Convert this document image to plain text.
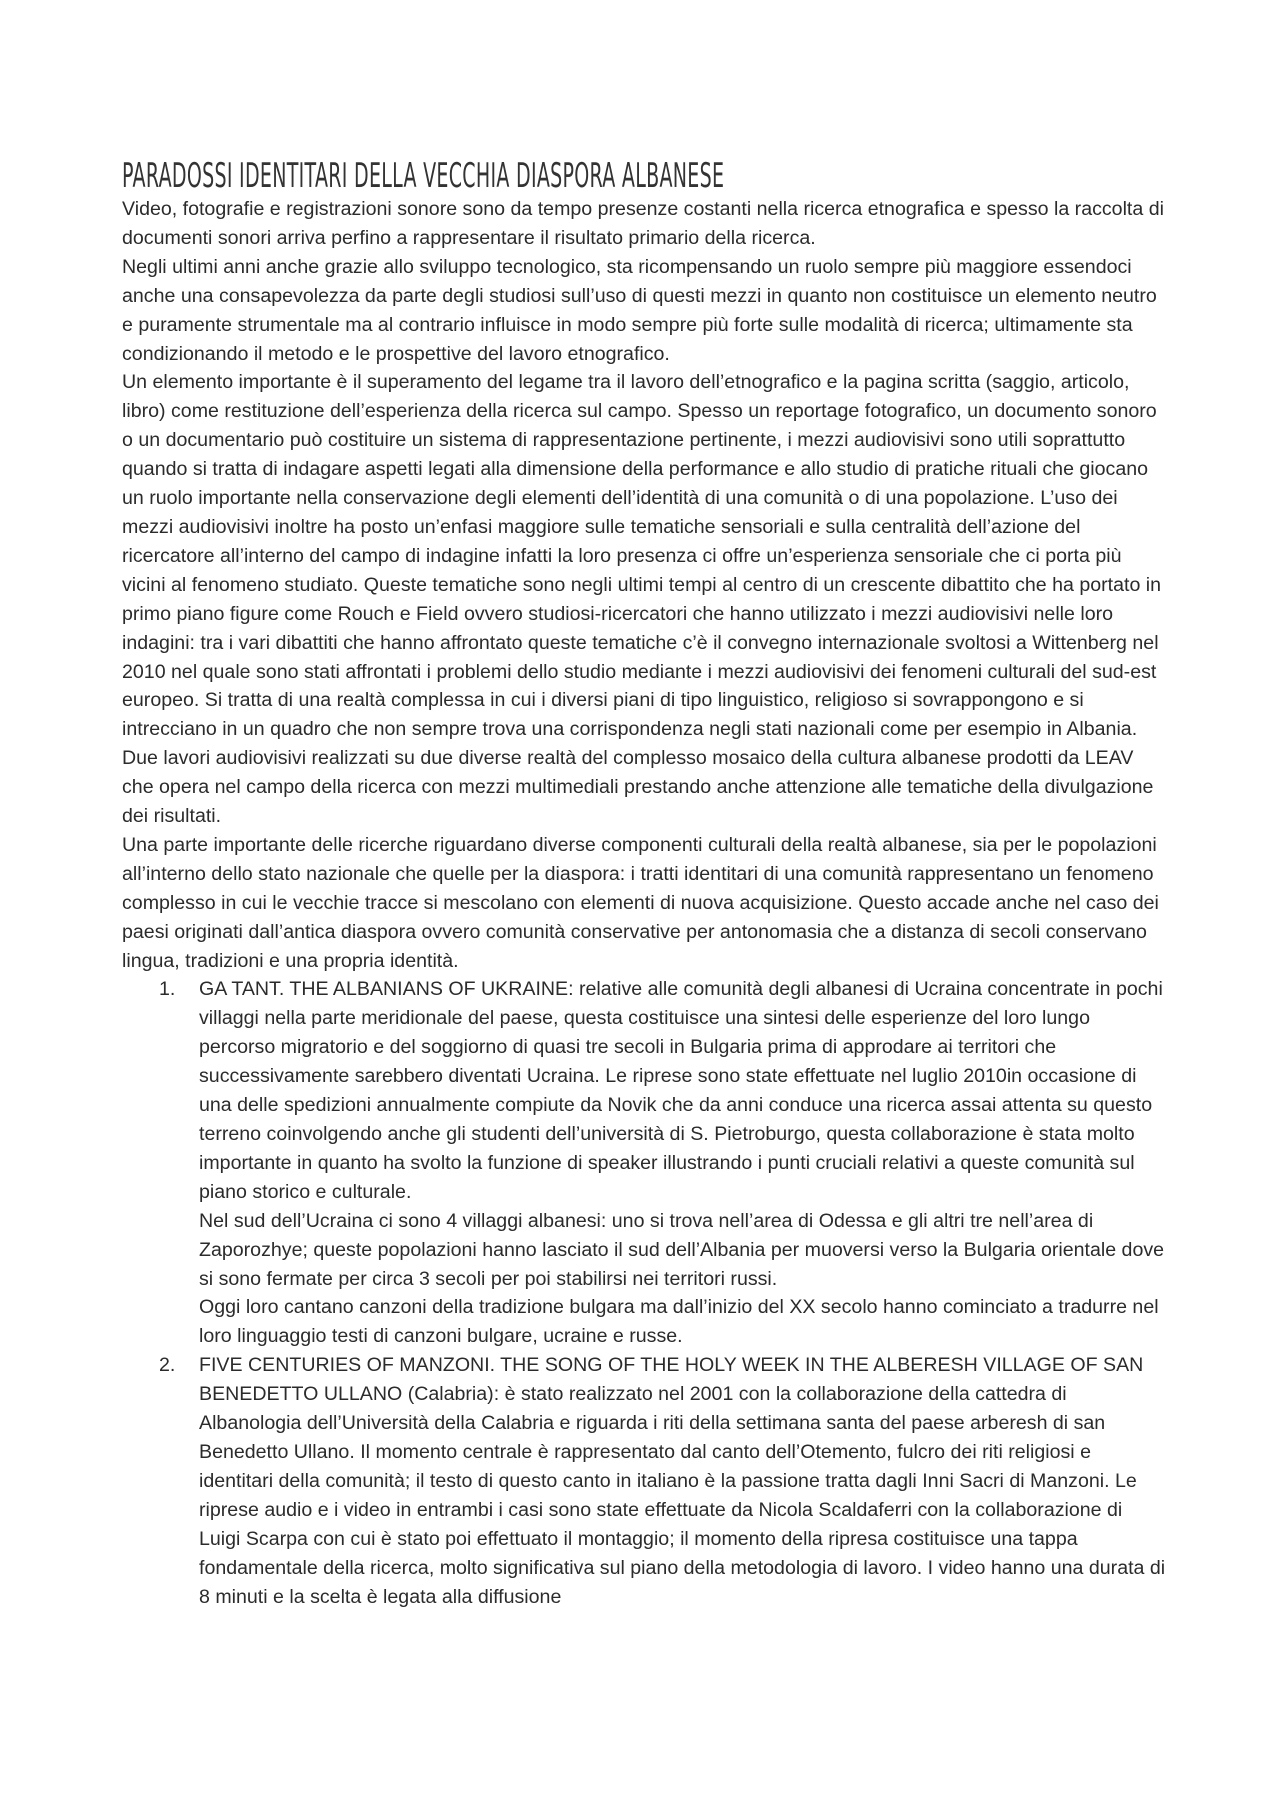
PARADOSSI IDENTITARI DELLA VECCHIA DIASPORA ALBANESE

Video, fotografie e registrazioni sonore sono da tempo presenze costanti nella ricerca etnografica e spesso la raccolta di documenti sonori arriva perfino a rappresentare il risultato primario della ricerca.

Negli ultimi anni anche grazie allo sviluppo tecnologico, sta ricompensando un ruolo sempre più maggiore essendoci anche una consapevolezza da parte degli studiosi sull’uso di questi mezzi in quanto non costituisce un elemento neutro e puramente strumentale ma al contrario influisce in modo sempre più forte sulle modalità di ricerca; ultimamente sta condizionando il metodo e le prospettive del lavoro etnografico.

Un elemento importante è il superamento del legame tra il lavoro dell’etnografico e la pagina scritta (saggio, articolo, libro) come restituzione dell’esperienza della ricerca sul campo. Spesso un reportage fotografico, un documento sonoro o un documentario può costituire un sistema di rappresentazione pertinente, i mezzi audiovisivi sono utili soprattutto quando si tratta di indagare aspetti legati alla dimensione della performance e allo studio di pratiche rituali che giocano un ruolo importante nella conservazione degli elementi dell’identità di una comunità o di una popolazione. L’uso dei mezzi audiovisivi inoltre ha posto un’enfasi maggiore sulle tematiche sensoriali e sulla centralità dell’azione del ricercatore all’interno del campo di indagine infatti la loro presenza ci offre un’esperienza sensoriale che ci porta più vicini al fenomeno studiato. Queste tematiche sono negli ultimi tempi al centro di un crescente dibattito che ha portato in primo piano figure come Rouch e Field ovvero studiosi-ricercatori che hanno utilizzato i mezzi audiovisivi nelle loro indagini: tra i vari dibattiti che hanno affrontato queste tematiche c’è il convegno internazionale svoltosi a Wittenberg nel 2010 nel quale sono stati affrontati i problemi dello studio mediante i mezzi audiovisivi dei fenomeni culturali del sud-est europeo. Si tratta di una realtà complessa in cui i diversi piani di tipo linguistico, religioso si sovrappongono e si intrecciano in un quadro che non sempre trova una corrispondenza negli stati nazionali come per esempio in Albania.

Due lavori audiovisivi realizzati su due diverse realtà del complesso mosaico della cultura albanese prodotti da LEAV che opera nel campo della ricerca con mezzi multimediali prestando anche attenzione alle tematiche della divulgazione dei risultati.

Una parte importante delle ricerche riguardano diverse componenti culturali della realtà albanese, sia per le popolazioni all’interno dello stato nazionale che quelle per la diaspora: i tratti identitari di una comunità rappresentano un fenomeno complesso in cui le vecchie tracce si mescolano con elementi di nuova acquisizione. Questo accade anche nel caso dei paesi originati dall’antica diaspora ovvero comunità conservative per antonomasia che a distanza di secoli conservano lingua, tradizioni e una propria identità.

1. GA TANT. THE ALBANIANS OF UKRAINE: relative alle comunità degli albanesi di Ucraina concentrate in pochi villaggi nella parte meridionale del paese, questa costituisce una sintesi delle esperienze del loro lungo percorso migratorio e del soggiorno di quasi tre secoli in Bulgaria prima di approdare ai territori che successivamente sarebbero diventati Ucraina. Le riprese sono state effettuate nel luglio 2010in occasione di una delle spedizioni annualmente compiute da Novik che da anni conduce una ricerca assai attenta su questo terreno coinvolgendo anche gli studenti dell’università di S. Pietroburgo, questa collaborazione è stata molto importante in quanto ha svolto la funzione di speaker illustrando i punti cruciali relativi a queste comunità sul piano storico e culturale.

Nel sud dell’Ucraina ci sono 4 villaggi albanesi: uno si trova nell’area di Odessa e gli altri tre nell’area di Zaporozhye; queste popolazioni hanno lasciato il sud dell’Albania per muoversi verso la Bulgaria orientale dove si sono fermate per circa 3 secoli per poi stabilirsi nei territori russi.

Oggi loro cantano canzoni della tradizione bulgara ma dall’inizio del XX secolo hanno cominciato a tradurre nel loro linguaggio testi di canzoni bulgare, ucraine e russe.

2. FIVE CENTURIES OF MANZONI. THE SONG OF THE HOLY WEEK IN THE ALBERESH VILLAGE OF SAN BENEDETTO ULLANO (Calabria): è stato realizzato nel 2001 con la collaborazione della cattedra di Albanologia dell’Università della Calabria e riguarda i riti della settimana santa del paese arberesh di san Benedetto Ullano. Il momento centrale è rappresentato dal canto dell’Otemento, fulcro dei riti religiosi e identitari della comunità; il testo di questo canto in italiano è la passione tratta dagli Inni Sacri di Manzoni. Le riprese audio e i video in entrambi i casi sono state effettuate da Nicola Scaldaferri con la collaborazione di Luigi Scarpa con cui è stato poi effettuato il montaggio; il momento della ripresa costituisce una tappa fondamentale della ricerca, molto significativa sul piano della metodologia di lavoro. I video hanno una durata di 8 minuti e la scelta è legata alla diffusione
